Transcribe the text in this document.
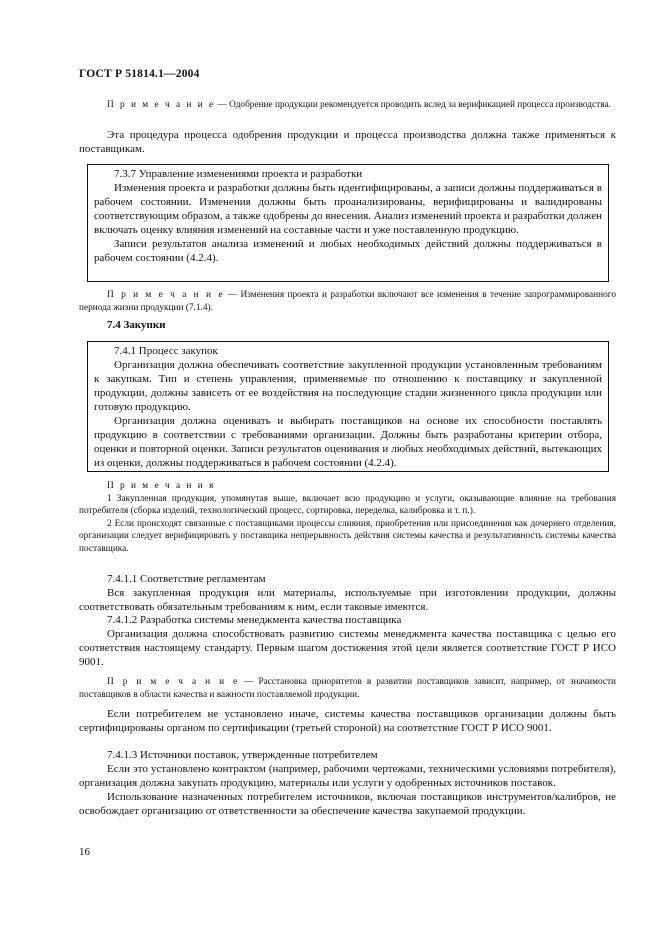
ГОСТ Р 51814.1—2004

П р и м е ч а н и е — Одобрение продукции рекомендуется проводить вслед за верификацией процесса производства.

Эта процедура процесса одобрения продукции и процесса производства должна также применяться к поставщикам.

7.3.7 Управление изменениями проекта и разработки

Изменения проекта и разработки должны быть идентифицированы, а записи должны поддерживаться в рабочем состоянии. Изменения должны быть проанализированы, верифицированы и валидированы соответствующим образом, а также одобрены до внесения. Анализ изменений проекта и разработки должен включать оценку влияния изменений на составные части и уже поставленную продукцию.

Записи результатов анализа изменений и любых необходимых действий должны поддерживаться в рабочем состоянии (4.2.4).

П р и м е ч а н и е — Изменения проекта и разработки включают все изменения в течение запрограммированного периода жизни продукции (7.1.4).

7.4 Закупки

7.4.1 Процесс закупок

Организация должна обеспечивать соответствие закупленной продукции установленным требованиям к закупкам. Тип и степень управления, применяемые по отношению к поставщику и закупленной продукции, должны зависеть от ее воздействия на последующие стадии жизненного цикла продукции или готовую продукцию.

Организация должна оценивать и выбирать поставщиков на основе их способности поставлять продукцию в соответствии с требованиями организации. Должны быть разработаны критерии отбора, оценки и повторной оценки. Записи результатов оценивания и любых необходимых действий, вытекающих из оценки, должны поддерживаться в рабочем состоянии (4.2.4).

П р и м е ч а н и я

1 Закупленная продукция, упомянутая выше, включает всю продукцию и услуги, оказывающие влияние на требования потребителя (сборка изделий, технологический процесс, сортировка, переделка, калибровка и т. п.).

2 Если происходят связанные с поставщиками процессы слияния, приобретения или присоединения как дочернего отделения, организации следует верифицировать у поставщика непрерывность действия системы качества и результативность системы качества поставщика.

7.4.1.1 Соответствие регламентам

Вся закупленная продукция или материалы, используемые при изготовлении продукции, должны соответствовать обязательным требованиям к ним, если таковые имеются.

7.4.1.2 Разработка системы менеджмента качества поставщика

Организация должна способствовать развитию системы менеджмента качества поставщика с целью его соответствия настоящему стандарту. Первым шагом достижения этой цели является соответствие ГОСТ Р ИСО 9001.

П р и м е ч а н и е — Расстановка приоритетов в развитии поставщиков зависит, например, от значимости поставщиков в области качества и важности поставляемой продукции.

Если потребителем не установлено иначе, системы качества поставщиков организации должны быть сертифицированы органом по сертификации (третьей стороной) на соответствие ГОСТ Р ИСО 9001.

7.4.1.3 Источники поставок, утвержденные потребителем

Если это установлено контрактом (например, рабочими чертежами, техническими условиями потребителя), организация должна закупать продукцию, материалы или услуги у одобренных источников поставок.

Использование назначенных потребителем источников, включая поставщиков инструментов/калибров, не освобождает организацию от ответственности за обеспечение качества закупаемой продукции.

16
